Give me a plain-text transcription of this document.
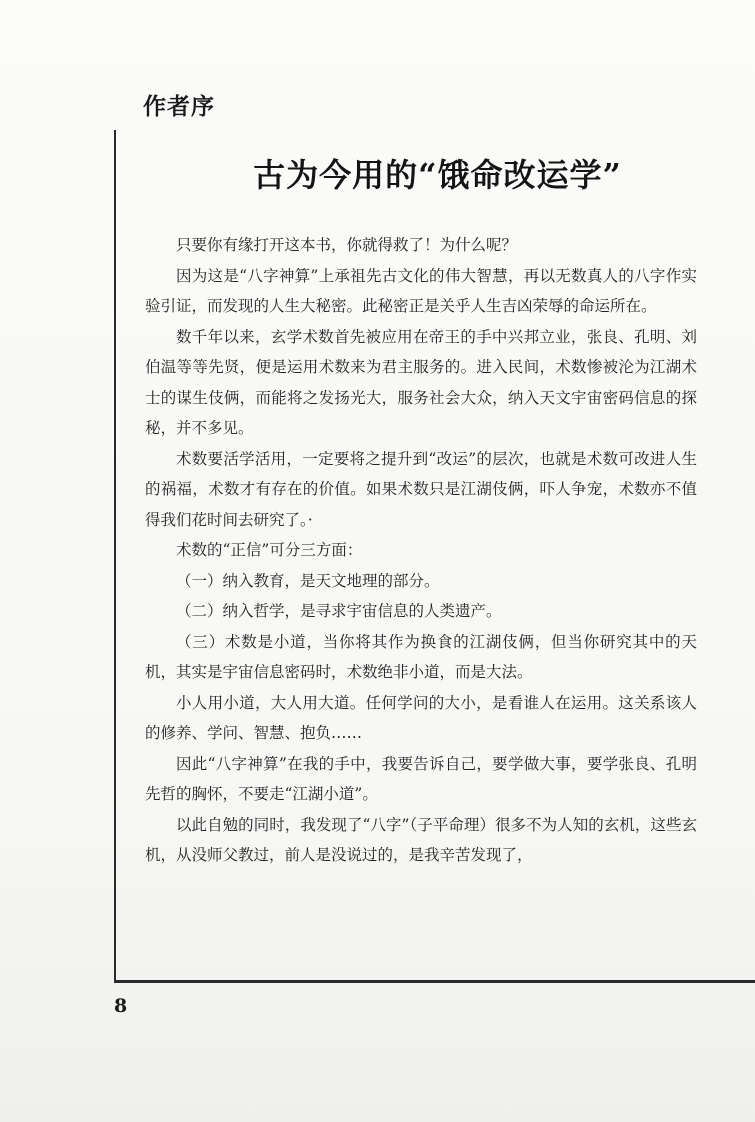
作者序
古为今用的“饿命改运学”

只要你有缘打开这本书，你就得救了！为什么呢？

因为这是“八字神算”上承祖先古文化的伟大智慧，再以无数真人的八字作实验引证，而发现的人生大秘密。此秘密正是关乎人生吉凶荣辱的命运所在。

数千年以来，玄学术数首先被应用在帝王的手中兴邦立业，张良、孔明、刘伯温等等先贤，便是运用术数来为君主服务的。进入民间，术数惨被沦为江湖术士的谋生伎俩，而能将之发扬光大，服务社会大众，纳入天文宇宙密码信息的探秘，并不多见。

术数要活学活用，一定要将之提升到“改运”的层次，也就是术数可改进人生的祸福，术数才有存在的价值。如果术数只是江湖伎俩，吓人争宠，术数亦不值得我们花时间去研究了。·

术数的“正信”可分三方面：

（一）纳入教育，是天文地理的部分。

（二）纳入哲学，是寻求宇宙信息的人类遗产。

（三）术数是小道，当你将其作为换食的江湖伎俩，但当你研究其中的天机，其实是宇宙信息密码时，术数绝非小道，而是大法。

小人用小道，大人用大道。任何学问的大小，是看谁人在运用。这关系该人的修养、学问、智慧、抱负……

因此“八字神算”在我的手中，我要告诉自己，要学做大事，要学张良、孔明先哲的胸怀，不要走“江湖小道”。

以此自勉的同时，我发现了“八字”（子平命理）很多不为人知的玄机，这些玄机，从没师父教过，前人是没说过的，是我辛苦发现了，

8
